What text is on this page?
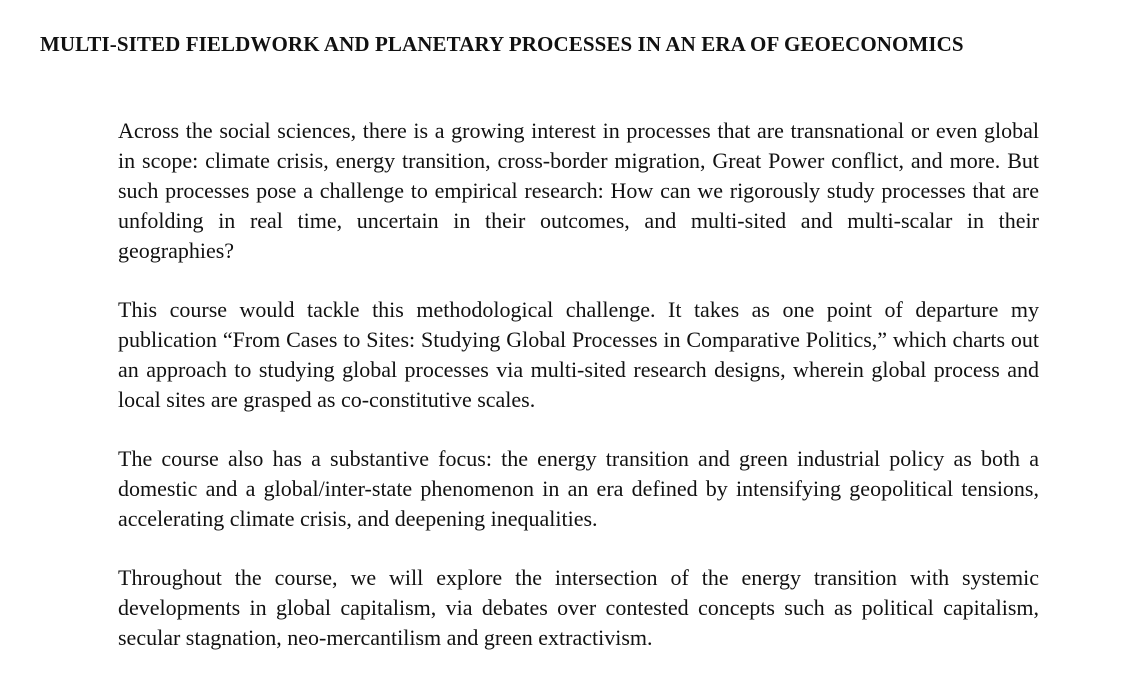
MULTI-SITED FIELDWORK AND PLANETARY PROCESSES IN AN ERA OF GEOECONOMICS

Across the social sciences, there is a growing interest in processes that are transnational or even global in scope: climate crisis, energy transition, cross-border migration, Great Power conflict, and more. But such processes pose a challenge to empirical research: How can we rigorously study processes that are unfolding in real time, uncertain in their outcomes, and multi-sited and multi-scalar in their geographies?

This course would tackle this methodological challenge. It takes as one point of departure my publication “From Cases to Sites: Studying Global Processes in Comparative Politics,” which charts out an approach to studying global processes via multi-sited research designs, wherein global process and local sites are grasped as co-constitutive scales.

The course also has a substantive focus: the energy transition and green industrial policy as both a domestic and a global/inter-state phenomenon in an era defined by intensifying geopolitical tensions, accelerating climate crisis, and deepening inequalities.

Throughout the course, we will explore the intersection of the energy transition with systemic developments in global capitalism, via debates over contested concepts such as political capitalism, secular stagnation, neo-mercantilism and green extractivism.
